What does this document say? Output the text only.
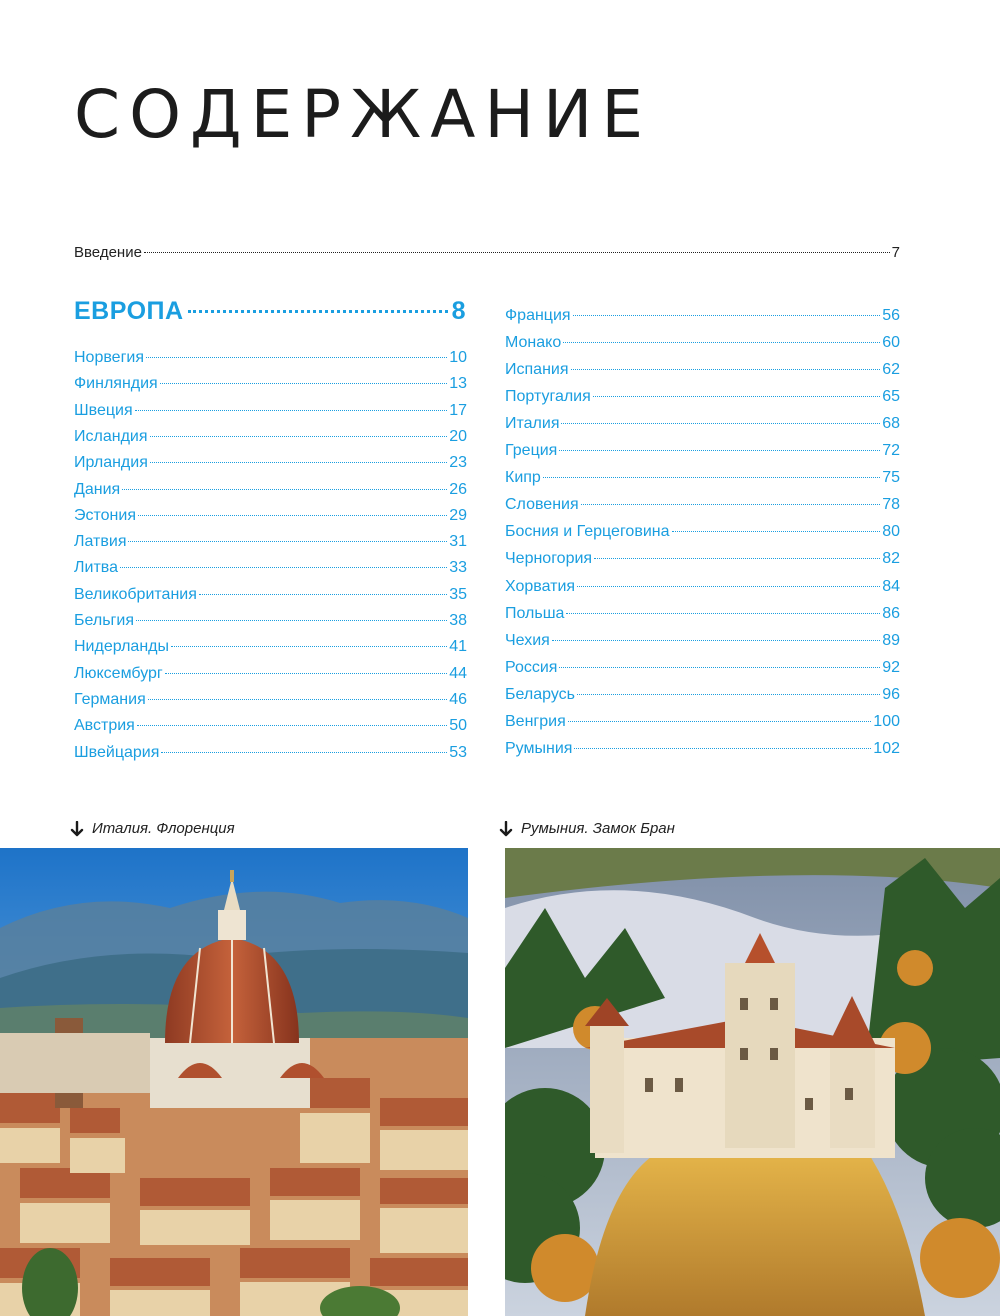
СОДЕРЖАНИЕ
Введение	7
ЕВРОПА	8
Норвегия	10
Финляндия	13
Швеция	17
Исландия	20
Ирландия	23
Дания	26
Эстония	29
Латвия	31
Литва	33
Великобритания	35
Бельгия	38
Нидерланды	41
Люксембург	44
Германия	46
Австрия	50
Швейцария	53
Франция	56
Монако	60
Испания	62
Португалия	65
Италия	68
Греция	72
Кипр	75
Словения	78
Босния и Герцеговина	80
Черногория	82
Хорватия	84
Польша	86
Чехия	89
Россия	92
Беларусь	96
Венгрия	100
Румыния	102
Италия. Флоренция	Румыния. Замок Бран
